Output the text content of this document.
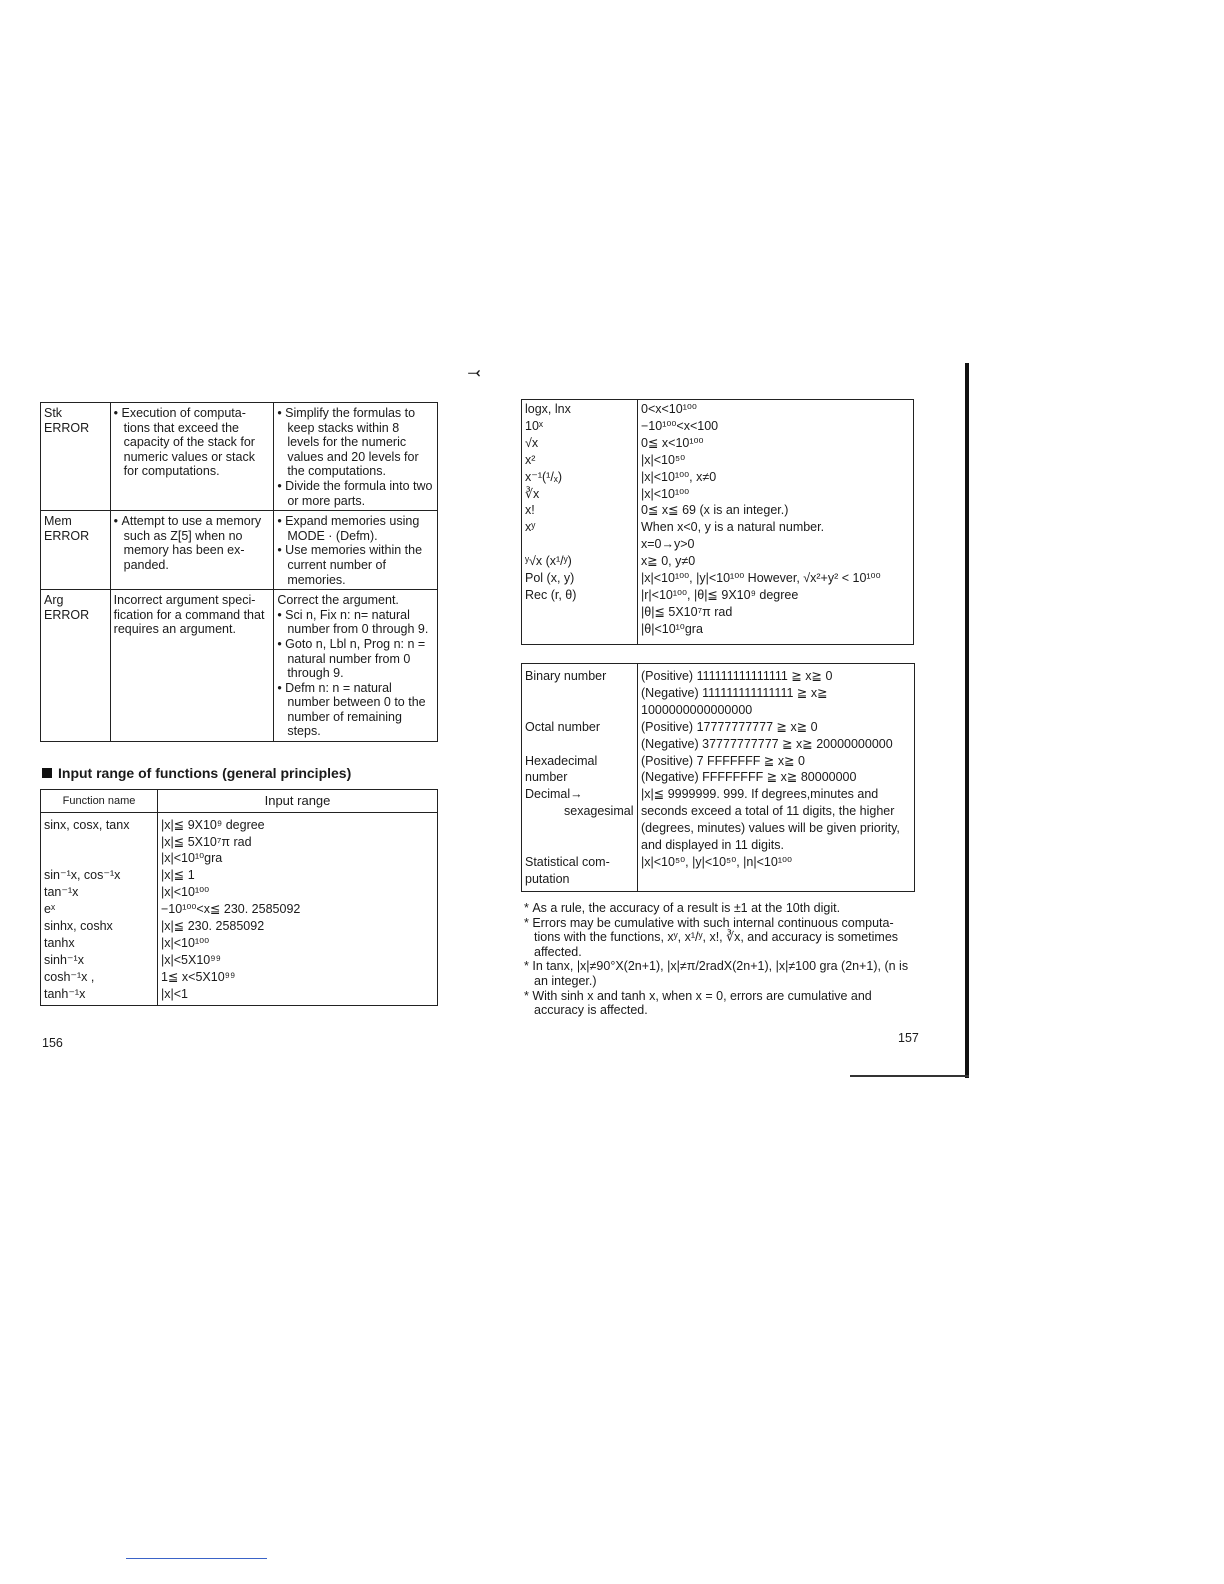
Stk
ERROR	• Execution of computa-tions that exceed the capacity of the stack for numeric values or stack for computations.	• Simplify the formulas to keep stacks within 8 levels for the numeric values and 20 levels for the computations.
• Divide the formula into two or more parts.

Mem
ERROR	• Attempt to use a memory such as Z[5] when no memory has been ex-panded.	• Expand memories using MODE · (Defm).
• Use memories within the current number of memories.

Arg
ERROR	Incorrect argument speci-fication for a command that requires an argument.	Correct the argument.
• Sci n, Fix n: n= natural number from 0 through 9.
• Goto n, Lbl n, Prog n: n = natural number from 0 through 9.
• Defm n: n = natural number between 0 to the number of remaining steps.
Input range of functions (general principles)
Function name	Input range
sinx, cosx, tanx	|x|≦ 9X10⁹ degree
|x|≦ 5X10⁷π rad
|x|<10¹⁰gra

sin⁻¹x, cos⁻¹x	|x|≦ 1
tan⁻¹x	|x|<10¹⁰⁰
eˣ	−10¹⁰⁰<x≦ 230. 2585092
sinhx, coshx	|x|≦ 230. 2585092
tanhx	|x|<10¹⁰⁰
sinh⁻¹x	|x|<5X10⁹⁹
cosh⁻¹x ,	1≦ x<5X10⁹⁹
tanh⁻¹x	|x|<1
156
⤙
logx, lnx	0<x<10¹⁰⁰
10ˣ	−10¹⁰⁰<x<100
√x	0≦ x<10¹⁰⁰
x²	|x|<10⁵⁰
x⁻¹(¹/ₓ)	|x|<10¹⁰⁰, x≠0
∛x	|x|<10¹⁰⁰
x!	0≦ x≦ 69 (x is an integer.)
xʸ	When x<0, y is a natural number.
x=0→y>0

ʸ√x (x¹/ʸ)	x≧ 0, y≠0
Pol (x, y)	|x|<10¹⁰⁰, |y|<10¹⁰⁰ However, √x²+y² < 10¹⁰⁰
Rec (r, θ)	|r|<10¹⁰⁰, |θ|≦ 9X10⁹ degree
|θ|≦ 5X10⁷π rad
|θ|<10¹⁰gra
Binary number	(Positive) 111111111111111 ≧ x≧ 0
(Negative) 111111111111111 ≧ x≧
1000000000000000

Octal number	(Positive) 17777777777 ≧ x≧ 0
(Negative) 37777777777 ≧ x≧ 20000000000

Hexadecimal
number	(Positive) 7 FFFFFFF ≧ x≧ 0
(Negative) FFFFFFFF ≧ x≧ 80000000

Decimal→
sexagesimal	|x|≦ 9999999. 999. If degrees,minutes and
seconds exceed a total of 11 digits, the higher
(degrees, minutes) values will be given priority,
and displayed in 11 digits.

Statistical com-
putation	|x|<10⁵⁰, |y|<10⁵⁰, |n|<10¹⁰⁰
* As a rule, the accuracy of a result is ±1 at the 10th digit.
* Errors may be cumulative with such internal continuous computa-tions with the functions, xʸ, x¹/ʸ, x!, ∛x, and accuracy is sometimes affected.
* In tanx, |x|≠90°X(2n+1), |x|≠π/2radX(2n+1), |x|≠100 gra (2n+1), (n is an integer.)
* With sinh x and tanh x, when x = 0, errors are cumulative and accuracy is affected.
157
